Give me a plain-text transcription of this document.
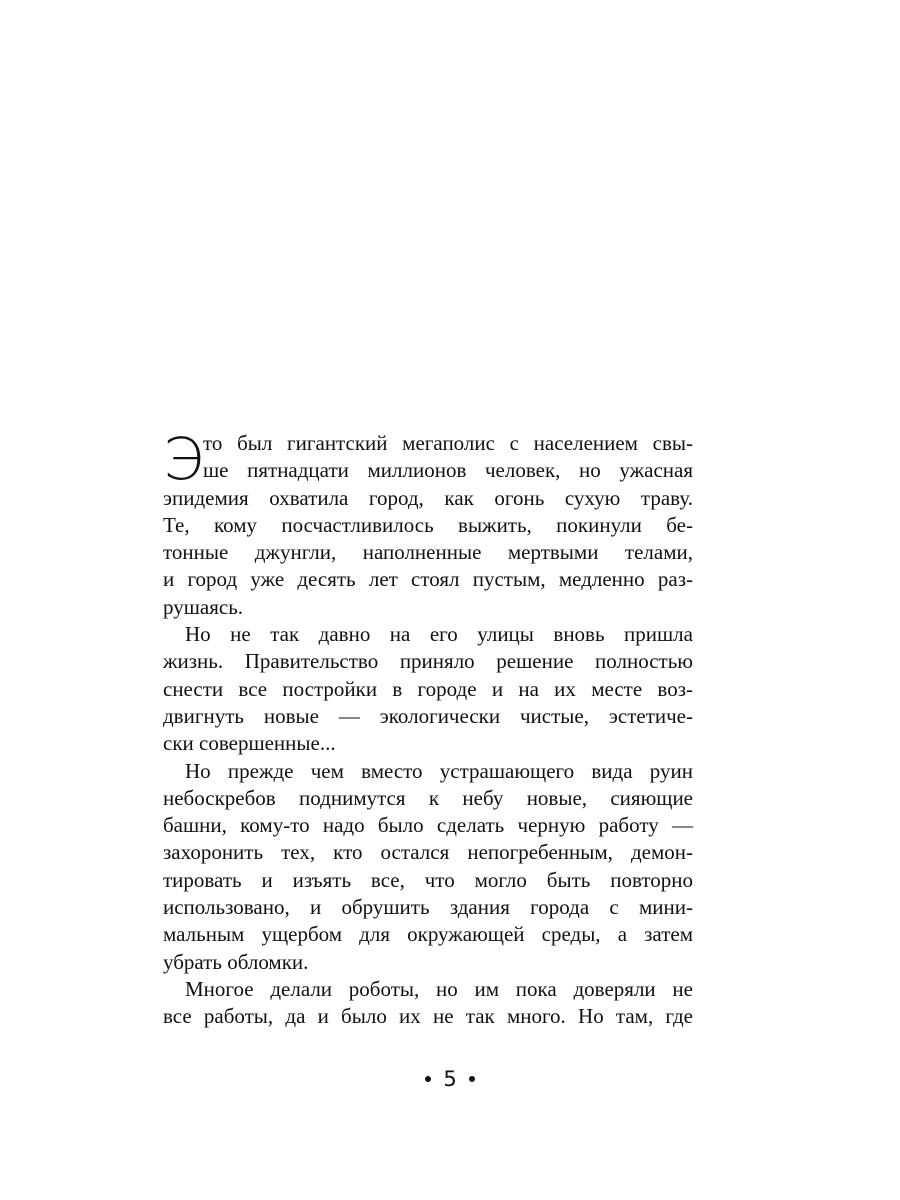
Э то был гигантский мегаполис с населением свы-
ше пятнадцати миллионов человек, но ужасная
эпидемия охватила город, как огонь сухую траву.
Те, кому посчастливилось выжить, покинули бе-
тонные джунгли, наполненные мертвыми телами,
и город уже десять лет стоял пустым, медленно раз-
рушаясь.
Но не так давно на его улицы вновь пришла
жизнь. Правительство приняло решение полностью
снести все постройки в городе и на их месте воз-
двигнуть новые — экологически чистые, эстетиче-
ски совершенные...
Но прежде чем вместо устрашающего вида руин
небоскребов поднимутся к небу новые, сияющие
башни, кому-то надо было сделать черную работу —
захоронить тех, кто остался непогребенным, демон-
тировать и изъять все, что могло быть повторно
использовано, и обрушить здания города с мини-
мальным ущербом для окружающей среды, а затем
убрать обломки.
Многое делали роботы, но им пока доверяли не
все работы, да и было их не так много. Но там, где
5
